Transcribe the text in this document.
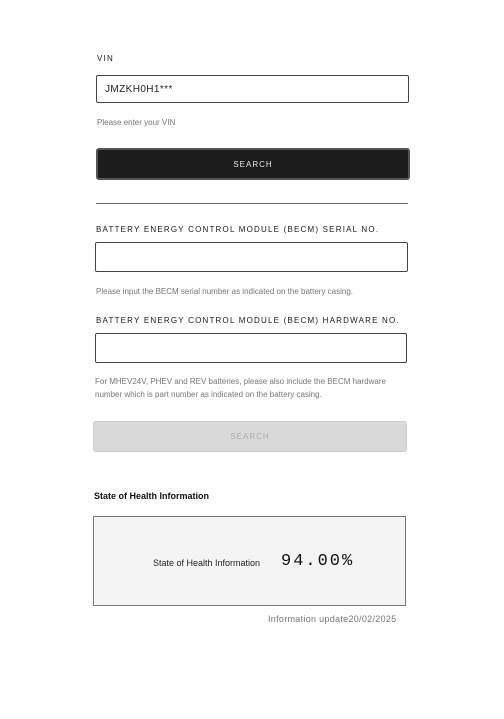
VIN
JMZKH0H1***
Please enter your VIN
SEARCH
BATTERY ENERGY CONTROL MODULE (BECM) SERIAL NO.
Please input the BECM serial number as indicated on the battery casing.
BATTERY ENERGY CONTROL MODULE (BECM) HARDWARE NO.
For MHEV24V, PHEV and REV batteries, please also include the BECM hardware number which is part number as indicated on the battery casing.
SEARCH
State of Health Information
State of Health Information 94.00%
Information update20/02/2025
